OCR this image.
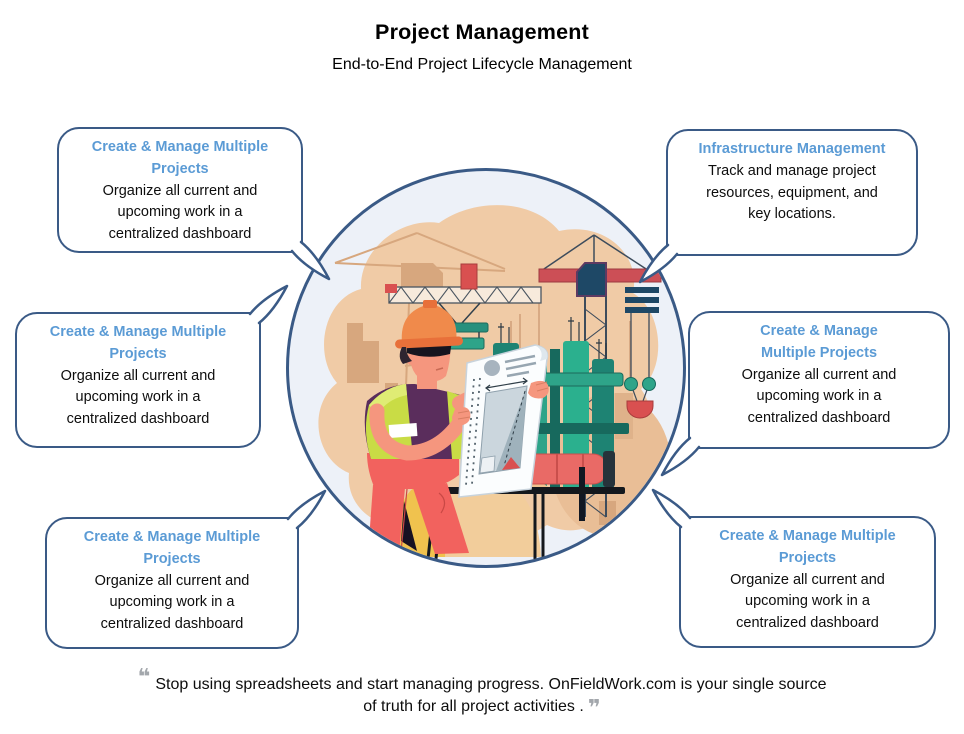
Project Management
End-to-End Project Lifecycle Management
Create & Manage Multiple Projects
Organize all current and upcoming work in a centralized dashboard
Infrastructure Management
Track and manage project resources, equipment, and key locations.
Create & Manage Multiple Projects
Organize all current and upcoming work in a centralized dashboard
Create & Manage Multiple Projects
Organize all current and upcoming work in a centralized dashboard
Create & Manage Multiple Projects
Organize all current and upcoming work in a centralized dashboard
Create & Manage Multiple Projects
Organize all current and upcoming work in a centralized dashboard
❝ Stop using spreadsheets and start managing progress. OnFieldWork.com is your single source of truth for all project activities . ❞
